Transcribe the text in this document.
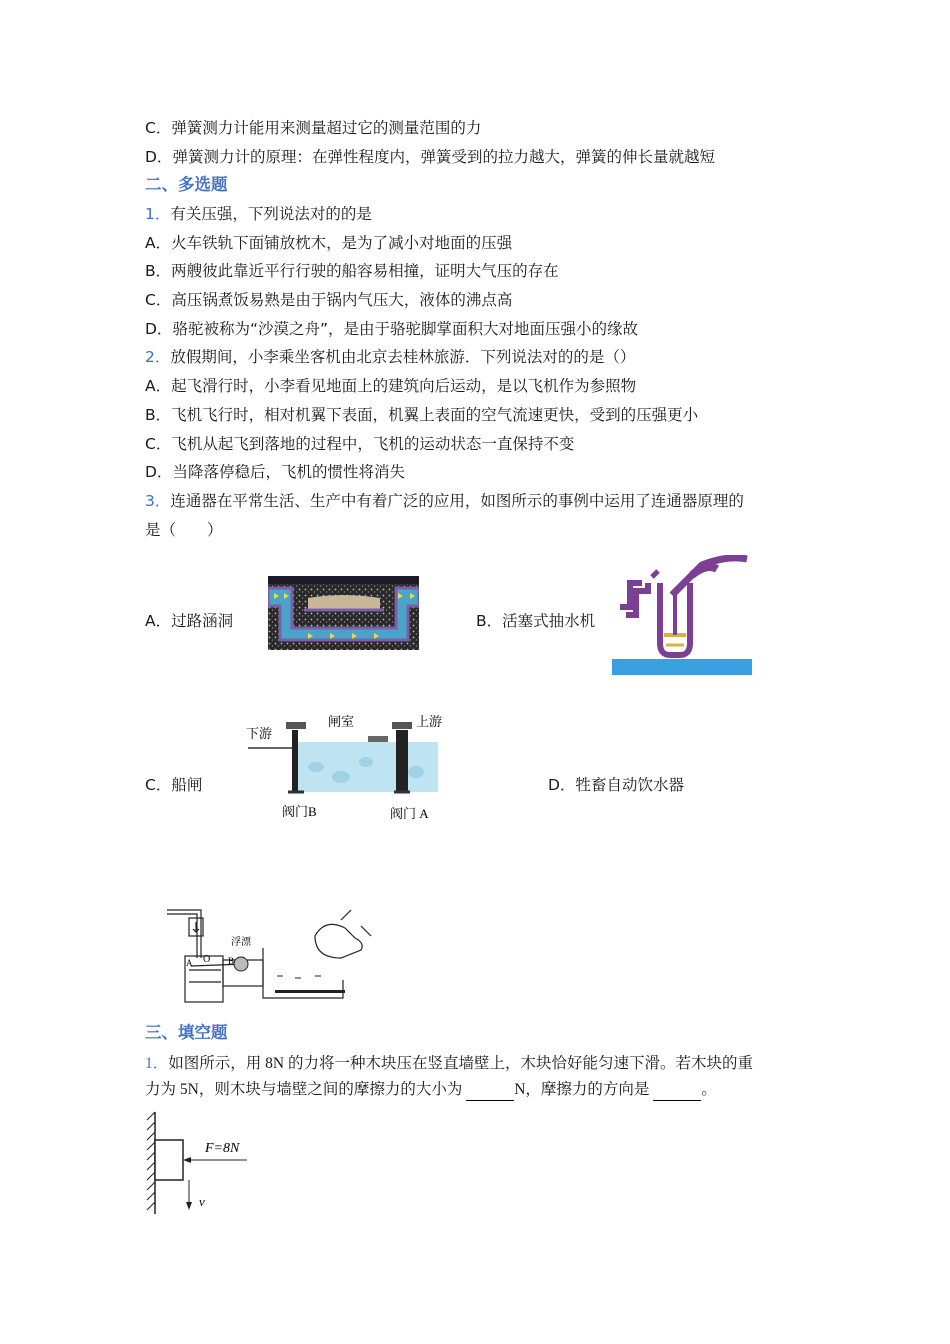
C．弹簧测力计能用来测量超过它的测量范围的力
D．弹簧测力计的原理：在弹性程度内，弹簧受到的拉力越大，弹簧的伸长量就越短
二、多选题
1．有关压强，下列说法对的的是
A．火车铁轨下面铺放枕木，是为了减小对地面的压强
B．两艘彼此靠近平行行驶的船容易相撞，证明大气压的存在
C．高压锅煮饭易熟是由于锅内气压大，液体的沸点高
D．骆驼被称为“沙漠之舟”，是由于骆驼脚掌面积大对地面压强小的缘故
2．放假期间，小李乘坐客机由北京去桂林旅游．下列说法对的的是（）
A．起飞滑行时，小李看见地面上的建筑向后运动，是以飞机作为参照物
B．飞机飞行时，相对机翼下表面，机翼上表面的空气流速更快，受到的压强更小
C．飞机从起飞到落地的过程中，飞机的运动状态一直保持不变
D．当降落停稳后，飞机的惯性将消失
3．连通器在平常生活、生产中有着广泛的应用，如图所示的事例中运用了连通器原理的
是（　　）
A．过路涵洞	B．活塞式抽水机
C．船闸
下游
闸室	上游
阀门B	阀门 A
D．牲畜自动饮水器
浮漂
A O B
三、填空题
1．如图所示，用 8N 的力将一种木块压在竖直墙壁上，木块恰好能匀速下滑。若木块的重
力为 5N，则木块与墙壁之间的摩擦力的大小为	N，摩擦力的方向是	。
F=8N
v
